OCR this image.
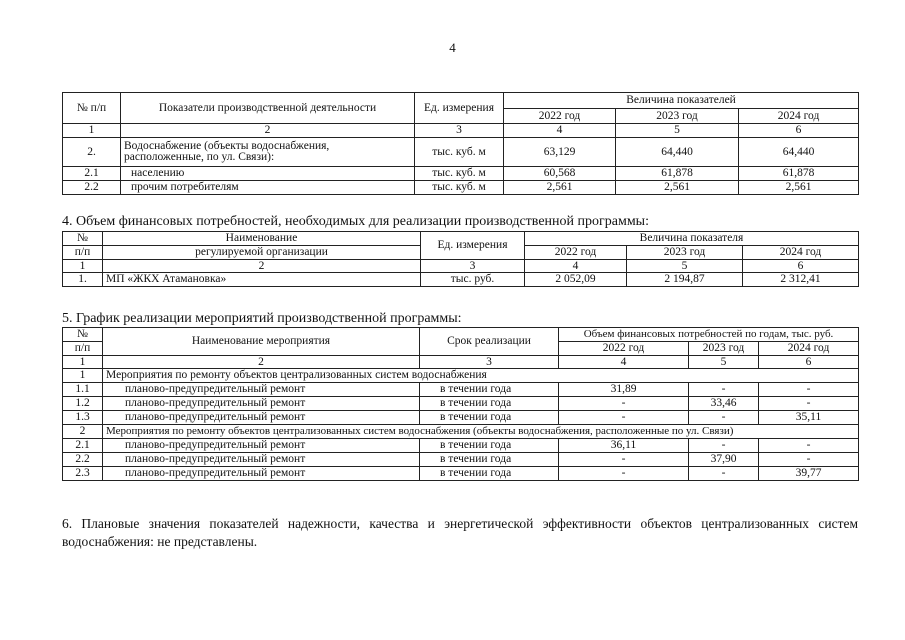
4
№ п/п	Показатели производственной деятельности	Ед. измерения	Величина показателей		
			2022 год	2023 год	2024 год
1	2	3	4	5	6
2.	Водоснабжение (объекты водоснабжения, расположенные, по ул. Связи):	тыс. куб. м	63,129	64,440	64,440
2.1	населению	тыс. куб. м	60,568	61,878	61,878
2.2	прочим потребителям	тыс. куб. м	2,561	2,561	2,561
4. Объем финансовых потребностей, необходимых для реализации производственной программы:
№	Наименование	Ед. измерения	Величина показателя		
п/п	регулируемой организации		2022 год	2023 год	2024 год
1	2	3	4	5	6
1.	МП «ЖКХ Атамановка»	тыс. руб.	2 052,09	2 194,87	2 312,41
5. График реализации мероприятий производственной программы:
№	Наименование мероприятия	Срок реализации	Объем финансовых потребностей по годам, тыс. руб.		
п/п			2022 год	2023 год	2024 год
1	2	3	4	5	6
1	Мероприятия по ремонту объектов централизованных систем водоснабжения				
1.1	планово-предупредительный ремонт	в течении года	31,89	-	-
1.2	планово-предупредительный ремонт	в течении года	-	33,46	-
1.3	планово-предупредительный ремонт	в течении года	-	-	35,11
2	Мероприятия по ремонту объектов централизованных систем водоснабжения (объекты водоснабжения, расположенные по ул. Связи)				
2.1	планово-предупредительный ремонт	в течении года	36,11	-	-
2.2	планово-предупредительный ремонт	в течении года	-	37,90	-
2.3	планово-предупредительный ремонт	в течении года	-	-	39,77
6. Плановые значения показателей надежности, качества и энергетической эффективности объектов централизованных систем водоснабжения: не представлены.
